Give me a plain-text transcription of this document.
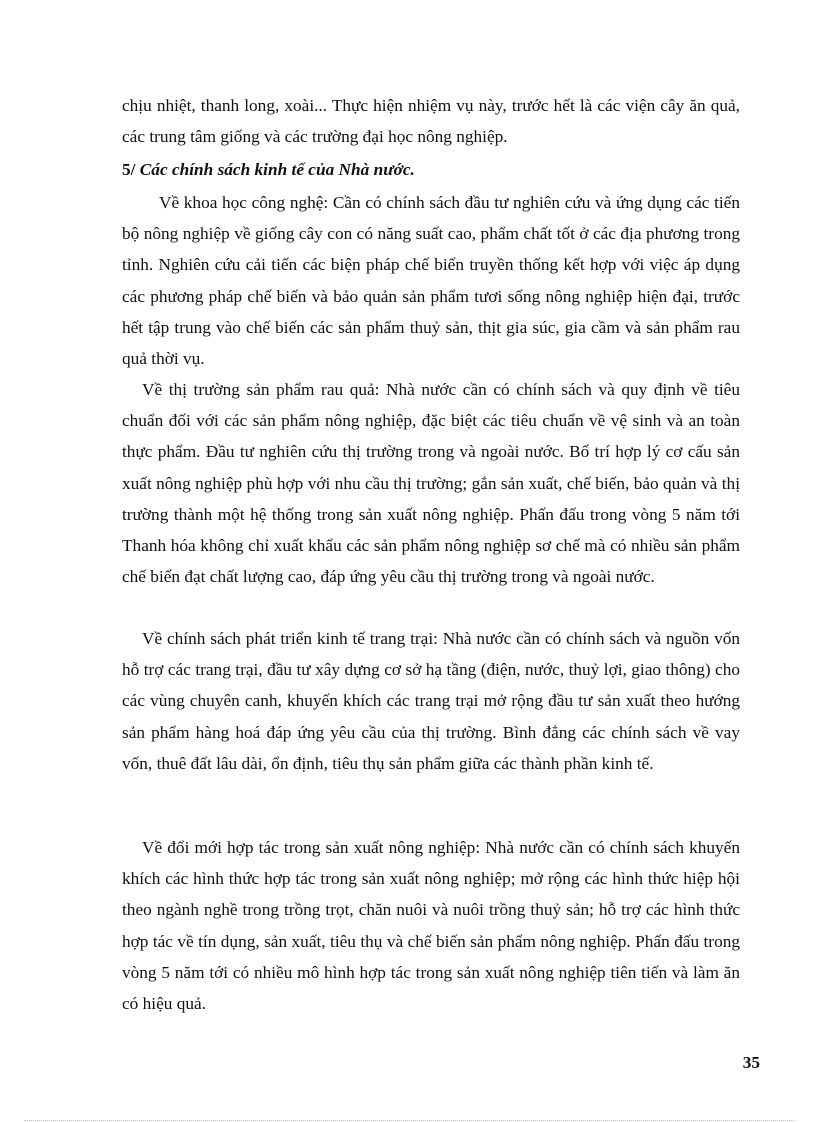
chịu nhiệt, thanh long, xoài... Thực hiện nhiệm vụ này, trước hết là các viện cây ăn quả, các trung tâm giống và các trường đại học nông nghiệp.

5/ Các chính sách kinh tế của Nhà nước.

Về khoa học công nghệ: Cần có chính sách đầu tư nghiên cứu và ứng dụng các tiến bộ nông nghiệp về giống cây con có năng suất cao, phẩm chất tốt ở các địa phương trong tỉnh. Nghiên cứu cải tiến các biện pháp chế biến truyền thống kết hợp với việc áp dụng các phương pháp chế biến và bảo quản sản phẩm tươi sống nông nghiệp hiện đại, trước hết tập trung vào chế biến các sản phẩm thuỷ sản, thịt gia súc, gia cầm và sản phẩm rau quả thời vụ.

Về thị trường sản phẩm rau quả: Nhà nước cần có chính sách và quy định về tiêu chuẩn đối với các sản phẩm nông nghiệp, đặc biệt các tiêu chuẩn về vệ sinh và an toàn thực phẩm. Đầu tư nghiên cứu thị trường trong và ngoài nước. Bố trí hợp lý cơ cấu sản xuất nông nghiệp phù hợp với nhu cầu thị trường; gắn sản xuất, chế biến, bảo quản và thị trường thành một hệ thống trong sản xuất nông nghiệp. Phấn đấu trong vòng 5 năm tới Thanh hóa không chỉ xuất khẩu các sản phẩm nông nghiệp sơ chế mà có nhiều sản phẩm chế biến đạt chất lượng cao, đáp ứng yêu cầu thị trường trong và ngoài nước.

Về chính sách phát triển kinh tế trang trại: Nhà nước cần có chính sách và nguồn vốn hỗ trợ các trang trại, đầu tư xây dựng cơ sở hạ tầng (điện, nước, thuỷ lợi, giao thông) cho các vùng chuyên canh, khuyến khích các trang trại mở rộng đầu tư sản xuất theo hướng sản phẩm hàng hoá đáp ứng yêu cầu của thị trường. Bình đẳng các chính sách về vay vốn, thuê đất lâu dài, ổn định, tiêu thụ sản phẩm giữa các thành phần kinh tế.

Về đổi mới hợp tác trong sản xuất nông nghiệp: Nhà nước cần có chính sách khuyến khích các hình thức hợp tác trong sản xuất nông nghiệp; mở rộng các hình thức hiệp hội theo ngành nghề trong trồng trọt, chăn nuôi và nuôi trồng thuỷ sản; hỗ trợ các hình thức hợp tác về tín dụng, sản xuất, tiêu thụ và chế biến sản phẩm nông nghiệp. Phấn đấu trong vòng 5 năm tới có nhiều mô hình hợp tác trong sản xuất nông nghiệp tiên tiến và làm ăn có hiệu quả.

35
